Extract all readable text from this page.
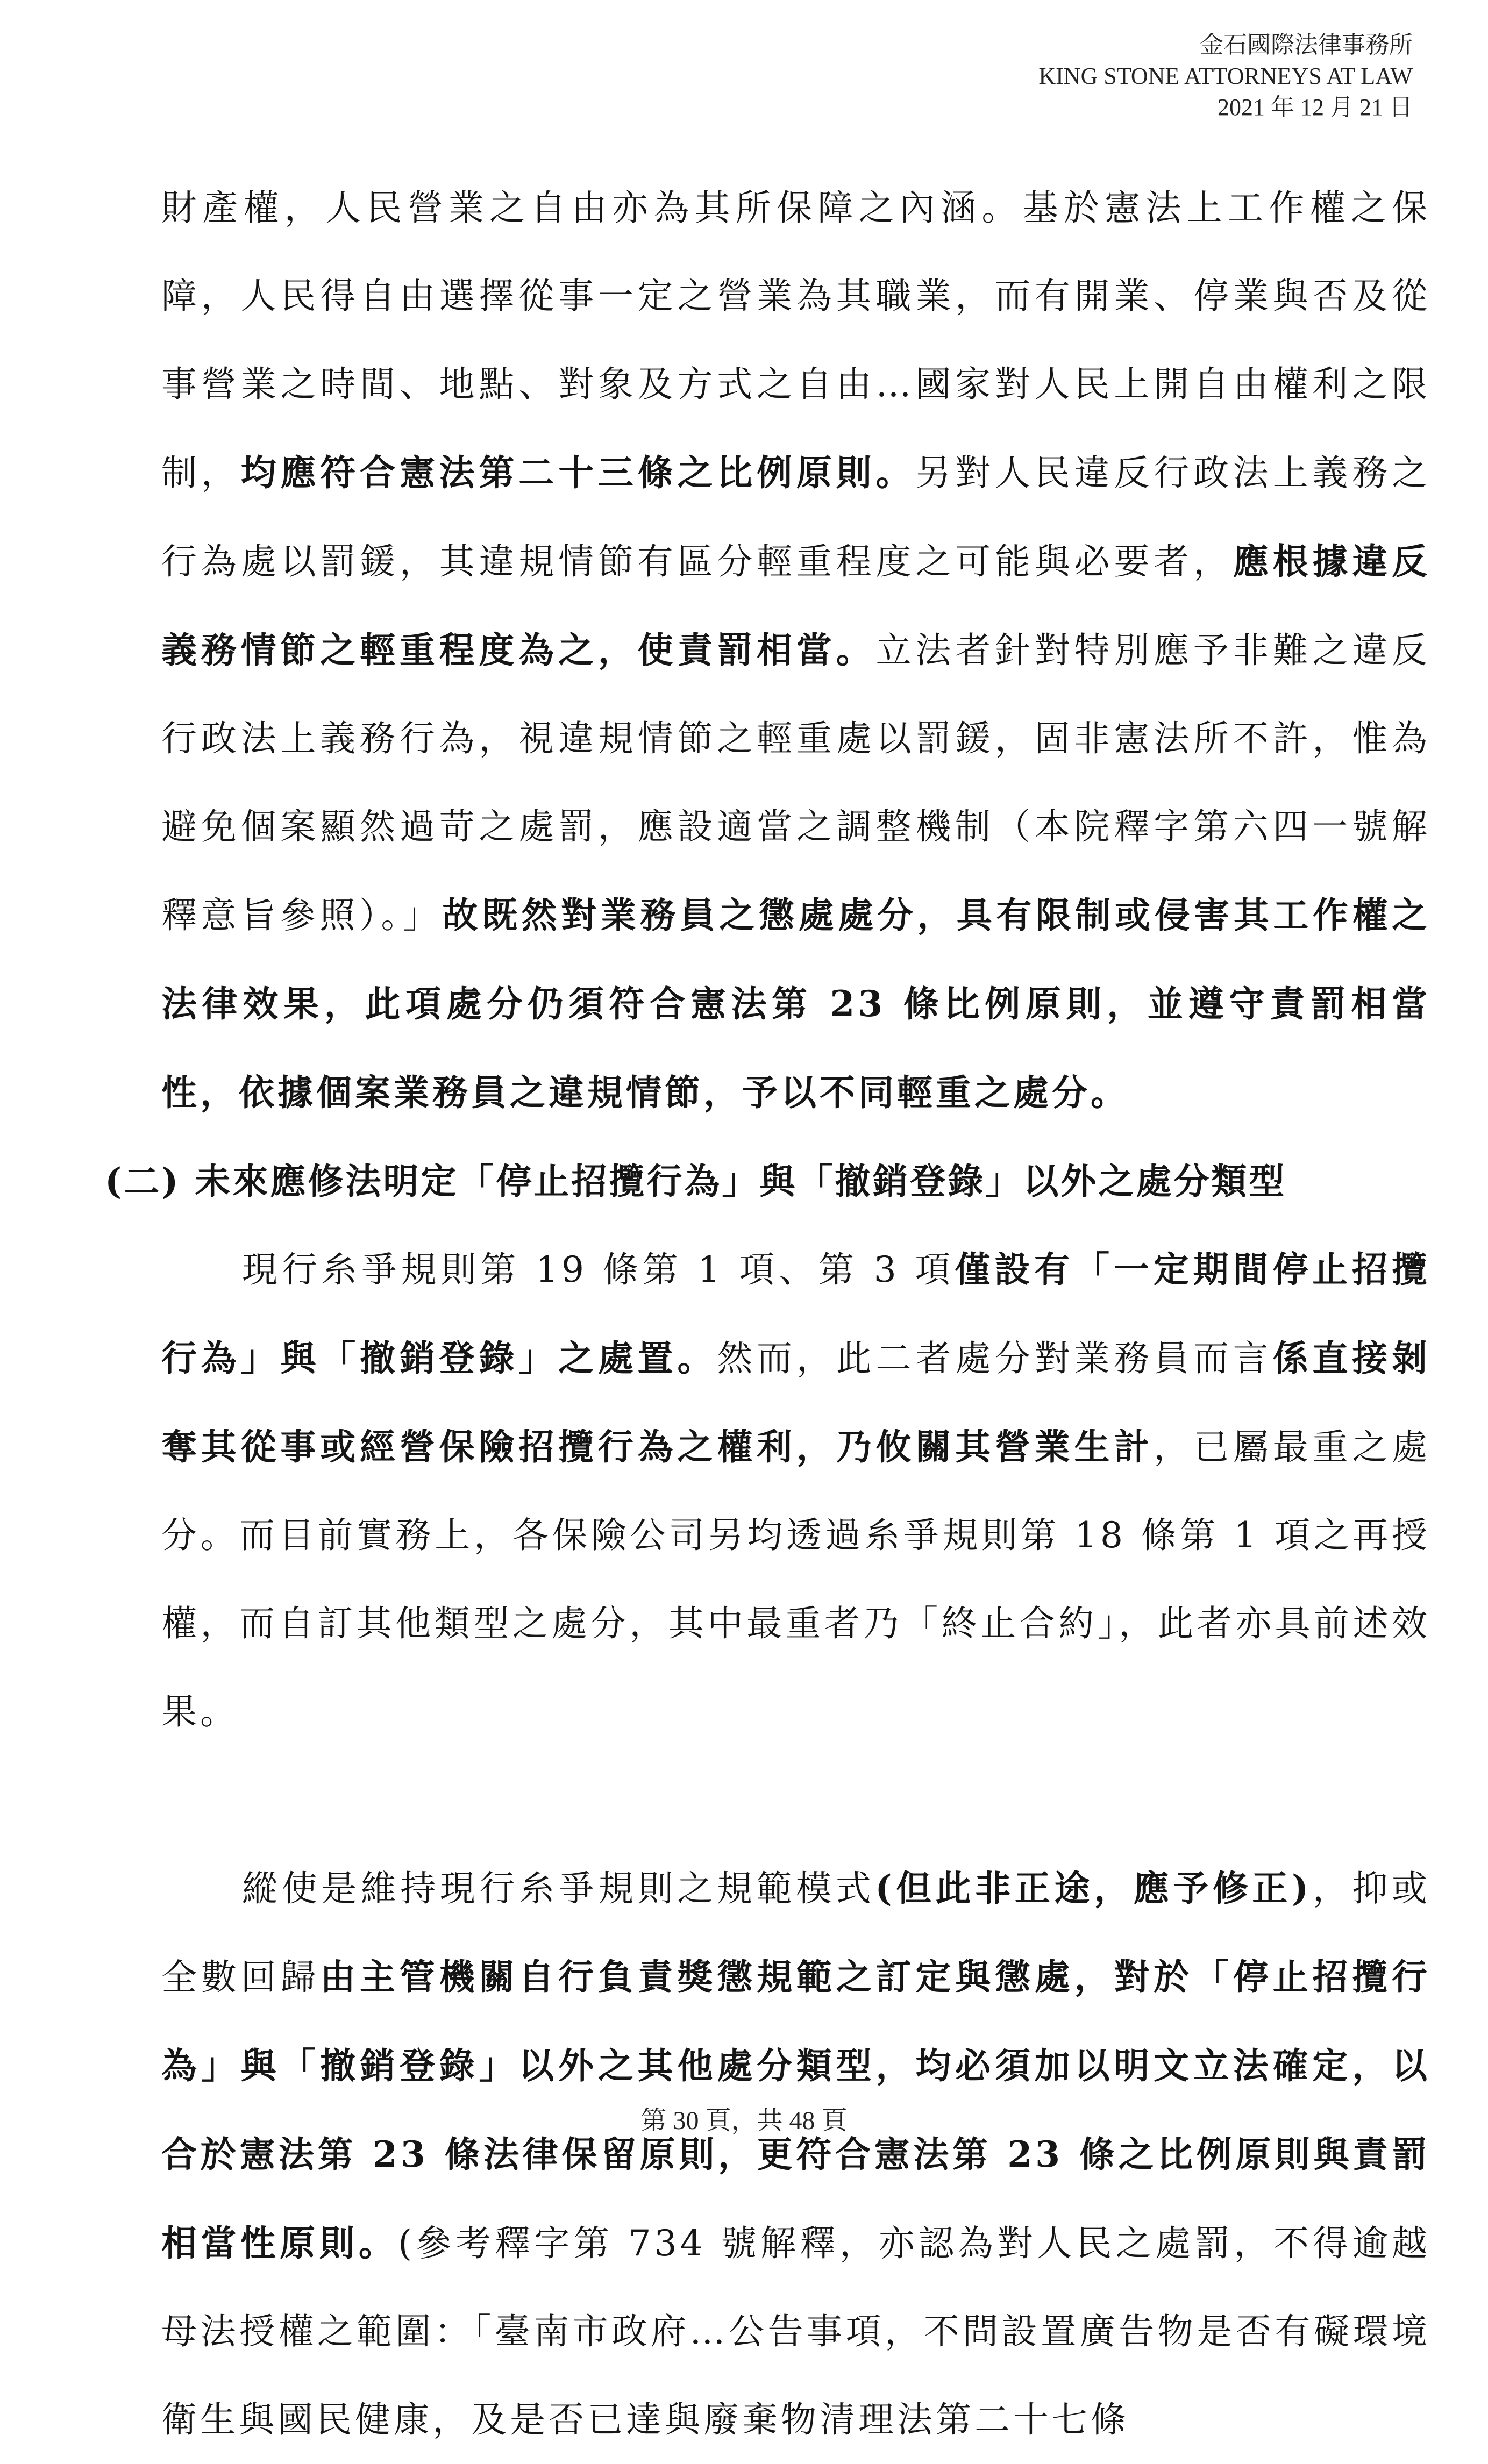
金石國際法律事務所
KING STONE ATTORNEYS AT LAW
2021 年 12 月 21 日

財產權，人民營業之自由亦為其所保障之內涵。基於憲法上工作權之保障，人民得自由選擇從事一定之營業為其職業，而有開業、停業與否及從事營業之時間、地點、對象及方式之自由…國家對人民上開自由權利之限制，均應符合憲法第二十三條之比例原則。另對人民違反行政法上義務之行為處以罰鍰，其違規情節有區分輕重程度之可能與必要者，應根據違反義務情節之輕重程度為之，使責罰相當。立法者針對特別應予非難之違反行政法上義務行為，視違規情節之輕重處以罰鍰，固非憲法所不許，惟為避免個案顯然過苛之處罰，應設適當之調整機制（本院釋字第六四一號解釋意旨參照）。」故既然對業務員之懲處處分，具有限制或侵害其工作權之法律效果，此項處分仍須符合憲法第 23 條比例原則，並遵守責罰相當性，依據個案業務員之違規情節，予以不同輕重之處分。

(二) 未來應修法明定「停止招攬行為」與「撤銷登錄」以外之處分類型

現行糸爭規則第 19 條第 1 項、第 3 項僅設有「一定期間停止招攬行為」與「撤銷登錄」之處置。然而，此二者處分對業務員而言係直接剝奪其從事或經營保險招攬行為之權利，乃攸關其營業生計，已屬最重之處分。而目前實務上，各保險公司另均透過糸爭規則第 18 條第 1 項之再授權，而自訂其他類型之處分，其中最重者乃「終止合約」，此者亦具前述效果。

縱使是維持現行糸爭規則之規範模式(但此非正途，應予修正)，抑或全數回歸由主管機關自行負責獎懲規範之訂定與懲處，對於「停止招攬行為」與「撤銷登錄」以外之其他處分類型，均必須加以明文立法確定，以合於憲法第 23 條法律保留原則，更符合憲法第 23 條之比例原則與責罰相當性原則。(參考釋字第 734 號解釋，亦認為對人民之處罰，不得逾越母法授權之範圍：「臺南市政府…公告事項，不問設置廣告物是否有礙環境衛生與國民健康，及是否已達與廢棄物清理法第二十七條

第 30 頁，共 48 頁
